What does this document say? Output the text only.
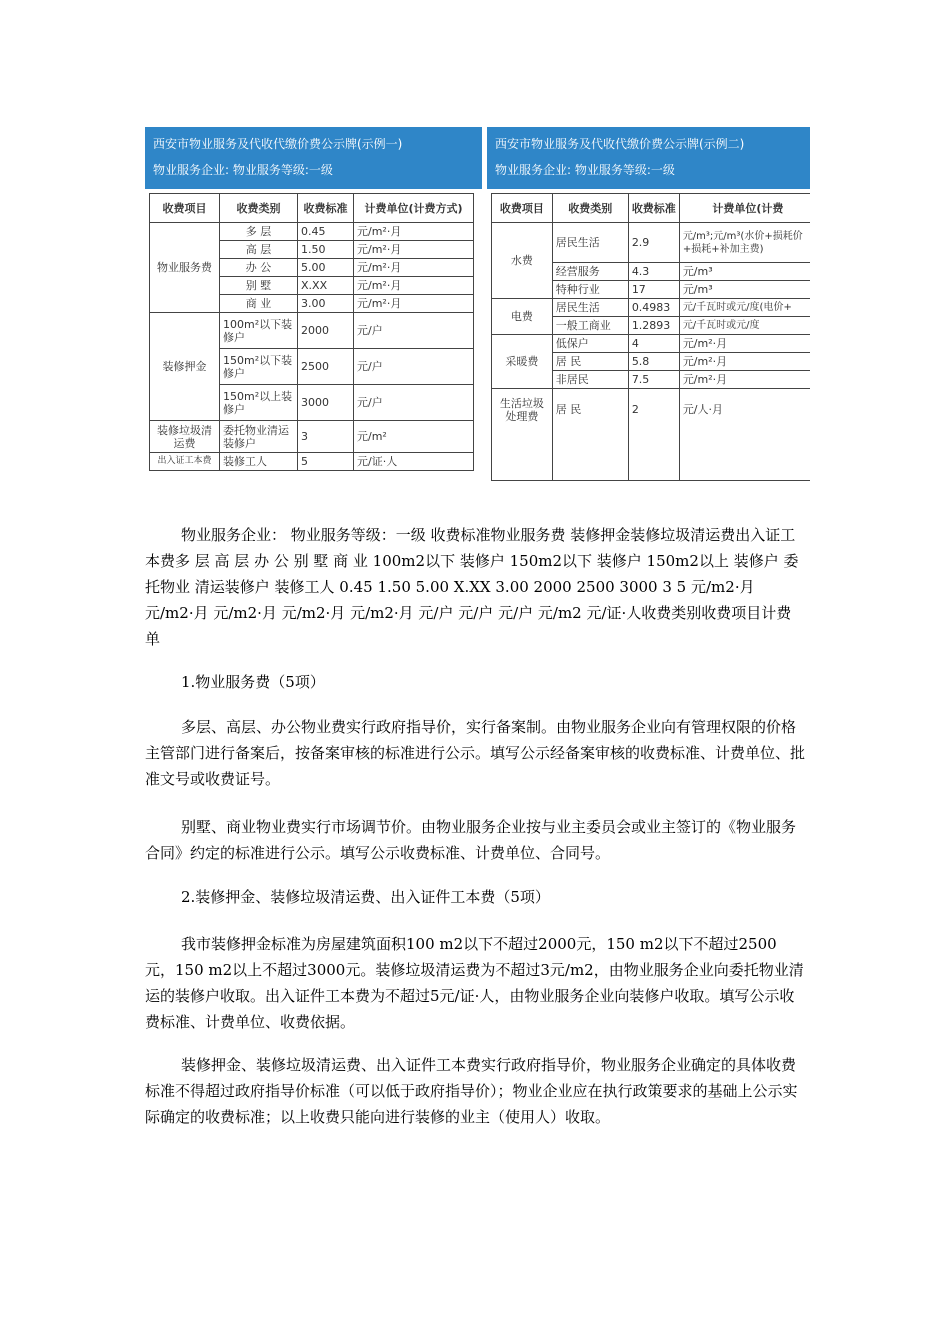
西安市物业服务及代收代缴价费公示牌(示例一)
物业服务企业: 物业服务等级:一级
收费项目	收费类别	收费标准	计费单位(计费方式)
物业服务费	多 层	0.45	元/m²·月
	高 层	1.50	元/m²·月
	办 公	5.00	元/m²·月
	别 墅	X.XX	元/m²·月
	商 业	3.00	元/m²·月
装修押金	100m²以下装修户	2000	元/户
	150m²以下装修户	2500	元/户
	150m²以上装修户	3000	元/户
装修垃圾清运费	委托物业清运装修户	3	元/m²
出入证工本费	装修工人	5	元/证·人
西安市物业服务及代收代缴价费公示牌(示例二)
物业服务企业: 物业服务等级:一级
收费项目	收费类别	收费标准	计费单位(计费
水费	居民生活	2.9	元/m³;元/m³(水价+损耗价+损耗+补加主费)
	经营服务	4.3	元/m³
	特种行业	17	元/m³
电费	居民生活	0.4983	元/千瓦时或元/度(电价+
	一般工商业	1.2893	元/千瓦时或元/度
采暖费	低保户	4	元/m²·月
	居 民	5.8	元/m²·月
	非居民	7.5	元/m²·月
生活垃圾处理费	居 民	2	元/人·月

物业服务企业： 物业服务等级：一级 收费标准物业服务费 装修押金装修垃圾清运费出入证工本费多 层 高 层 办 公 别 墅 商 业 100m2以下 装修户 150m2以下 装修户 150m2以上 装修户 委托物业 清运装修户 装修工人 0.45 1.50 5.00 X.XX 3.00 2000 2500 3000 3 5 元/m2·月 元/m2·月 元/m2·月 元/m2·月 元/m2·月 元/户 元/户 元/户 元/m2 元/证·人收费类别收费项目计费单

1.物业服务费（5项）

多层、高层、办公物业费实行政府指导价，实行备案制。由物业服务企业向有管理权限的价格主管部门进行备案后，按备案审核的标准进行公示。填写公示经备案审核的收费标准、计费单位、批准文号或收费证号。

别墅、商业物业费实行市场调节价。由物业服务企业按与业主委员会或业主签订的《物业服务合同》约定的标准进行公示。填写公示收费标准、计费单位、合同号。

2.装修押金、装修垃圾清运费、出入证件工本费（5项）

我市装修押金标准为房屋建筑面积100 m2以下不超过2000元，150 m2以下不超过2500元，150 m2以上不超过3000元。装修垃圾清运费为不超过3元/m2，由物业服务企业向委托物业清运的装修户收取。出入证件工本费为不超过5元/证·人，由物业服务企业向装修户收取。填写公示收费标准、计费单位、收费依据。

装修押金、装修垃圾清运费、出入证件工本费实行政府指导价，物业服务企业确定的具体收费标准不得超过政府指导价标准（可以低于政府指导价）；物业企业应在执行政策要求的基础上公示实际确定的收费标准；以上收费只能向进行装修的业主（使用人）收取。
